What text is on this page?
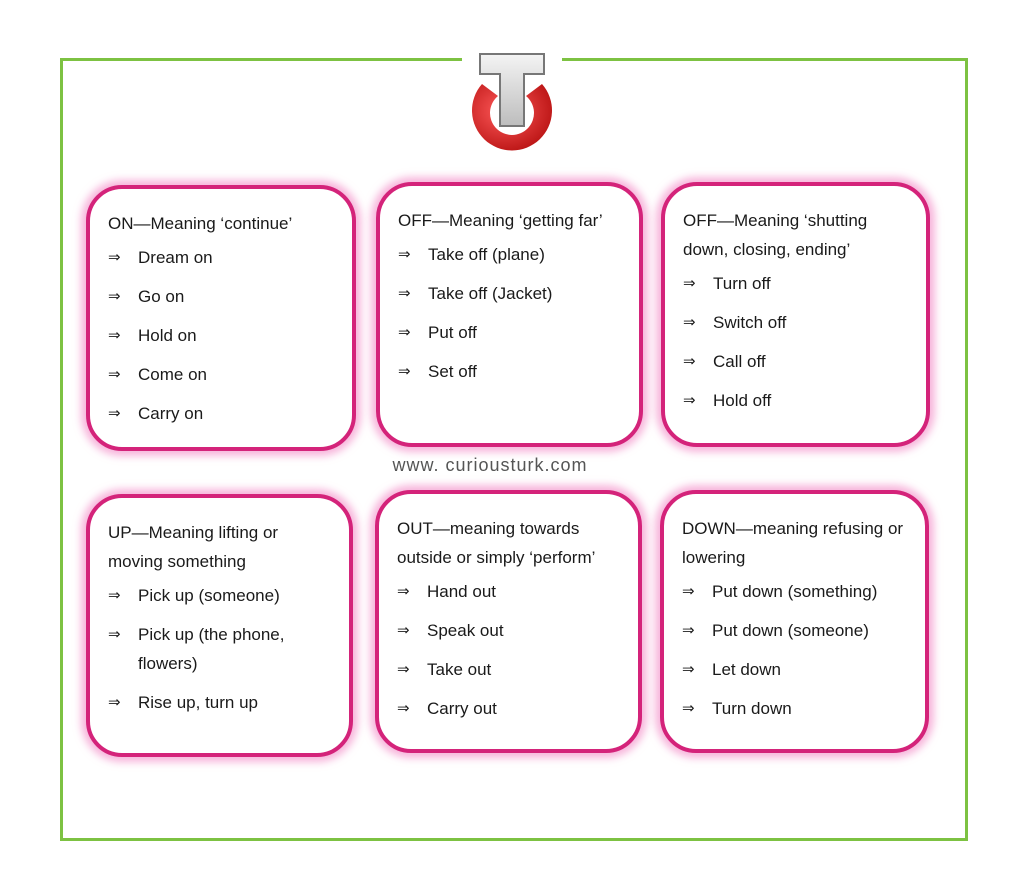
ON—Meaning ‘continue’
⇒	Dream on
⇒	Go on
⇒	Hold on
⇒	Come on
⇒	Carry on
OFF—Meaning ‘getting far’
⇒	Take off (plane)
⇒	Take off (Jacket)
⇒	Put off
⇒	Set off
OFF—Meaning ‘shutting down, closing, ending’
⇒	Turn off
⇒	Switch off
⇒	Call off
⇒	Hold off
UP—Meaning lifting or moving something
⇒	Pick up (someone)
⇒	Pick up (the phone, flowers)
⇒	Rise up, turn up
OUT—meaning towards outside or simply ‘perform’
⇒	Hand out
⇒	Speak out
⇒	Take out
⇒	Carry out
DOWN—meaning refusing or lowering
⇒	Put down (something)
⇒	Put down (someone)
⇒	Let down
⇒	Turn down
www. curiousturk.com
